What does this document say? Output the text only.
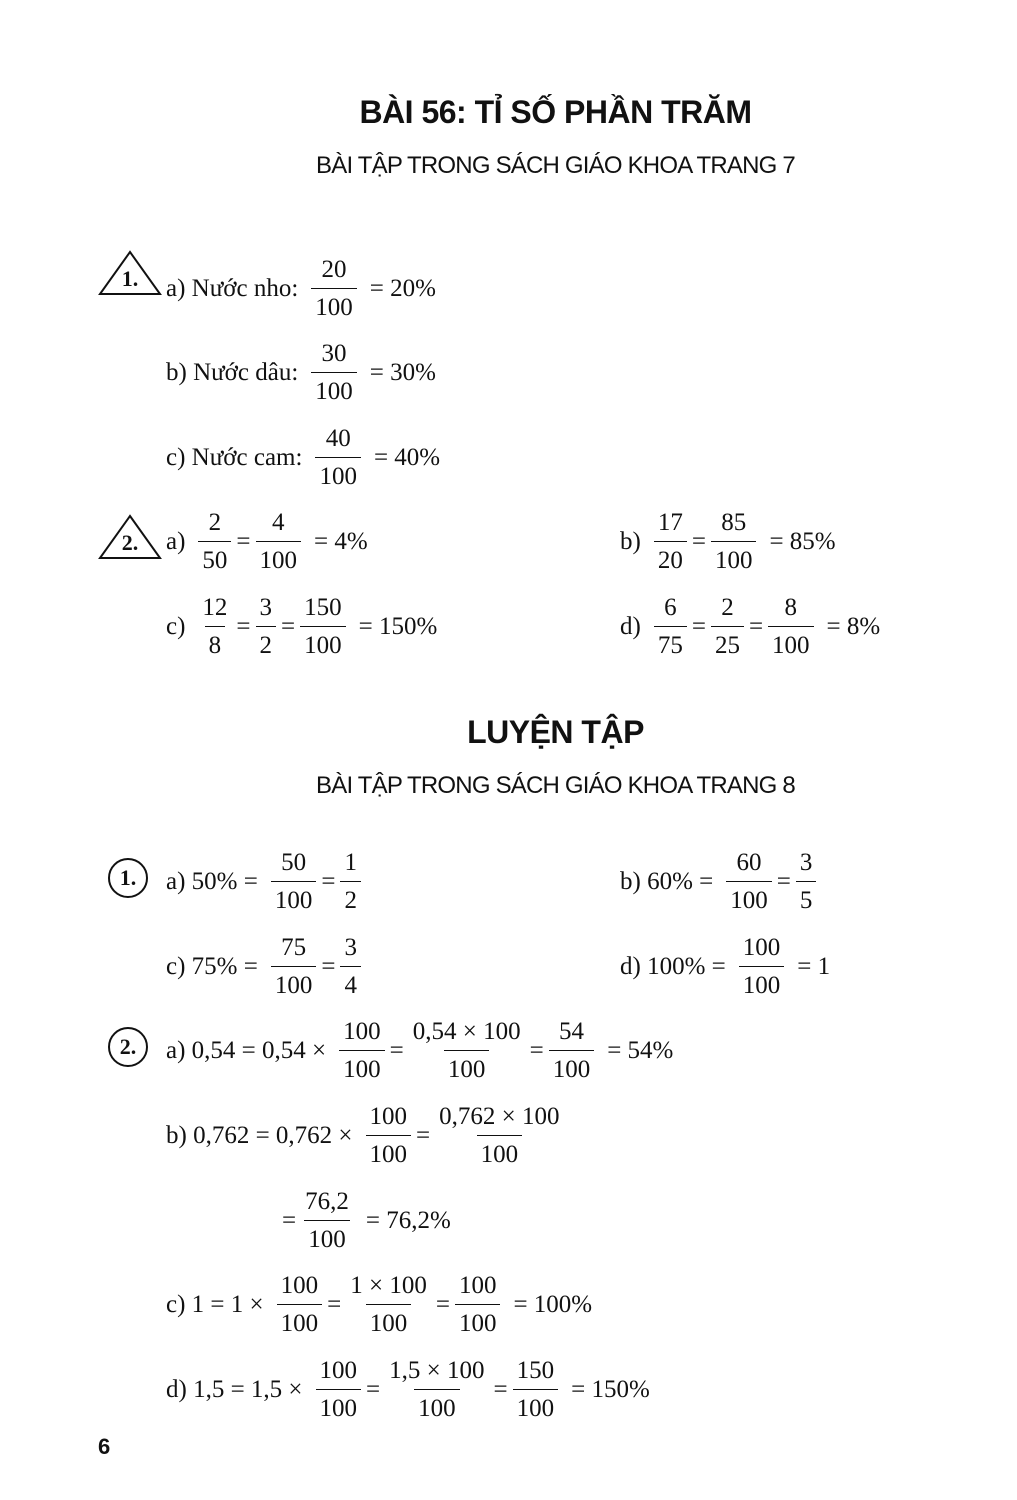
BÀI 56: TỈ SỐ PHẦN TRĂM
BÀI TẬP TRONG SÁCH GIÁO KHOA TRANG 7
1.	a) Nước nho: $\frac{20}{100} = 20\%$
b) Nước dâu: $\frac{30}{100} = 30\%$
c) Nước cam: $\frac{40}{100} = 40\%$
2.	$a) \frac{2}{50} = \frac{4}{100} = 4\%$	$b) \frac{17}{20} = \frac{85}{100} = 85\%$
$c) \frac{12}{8} = \frac{3}{2} = \frac{150}{100} = 150\%$	$d) \frac{6}{75} = \frac{2}{25} = \frac{8}{100} = 8\%$
LUYỆN TẬP
BÀI TẬP TRONG SÁCH GIÁO KHOA TRANG 8
1. a) $50\% = \frac{50}{100} = \frac{1}{2}$	b) $60\% = \frac{60}{100} = \frac{3}{5}$
c) $75\% = \frac{75}{100} = \frac{3}{4}$	d) $100\% = \frac{100}{100} = 1$
2. a) $0,54 = 0,54 \times \frac{100}{100} = \frac{0,54 \times 100}{100} = \frac{54}{100} = 54\%$
b) $0,762 = 0,762 \times \frac{100}{100} = \frac{0,762 \times 100}{100}$
= $\frac{76,2}{100} = 76,2\%$
c) $1 = 1 \times \frac{100}{100} = \frac{1 \times 100}{100} = \frac{100}{100} = 100\%$
d) $1,5 = 1,5 \times \frac{100}{100} = \frac{1,5 \times 100}{100} = \frac{150}{100} = 150\%$
6
